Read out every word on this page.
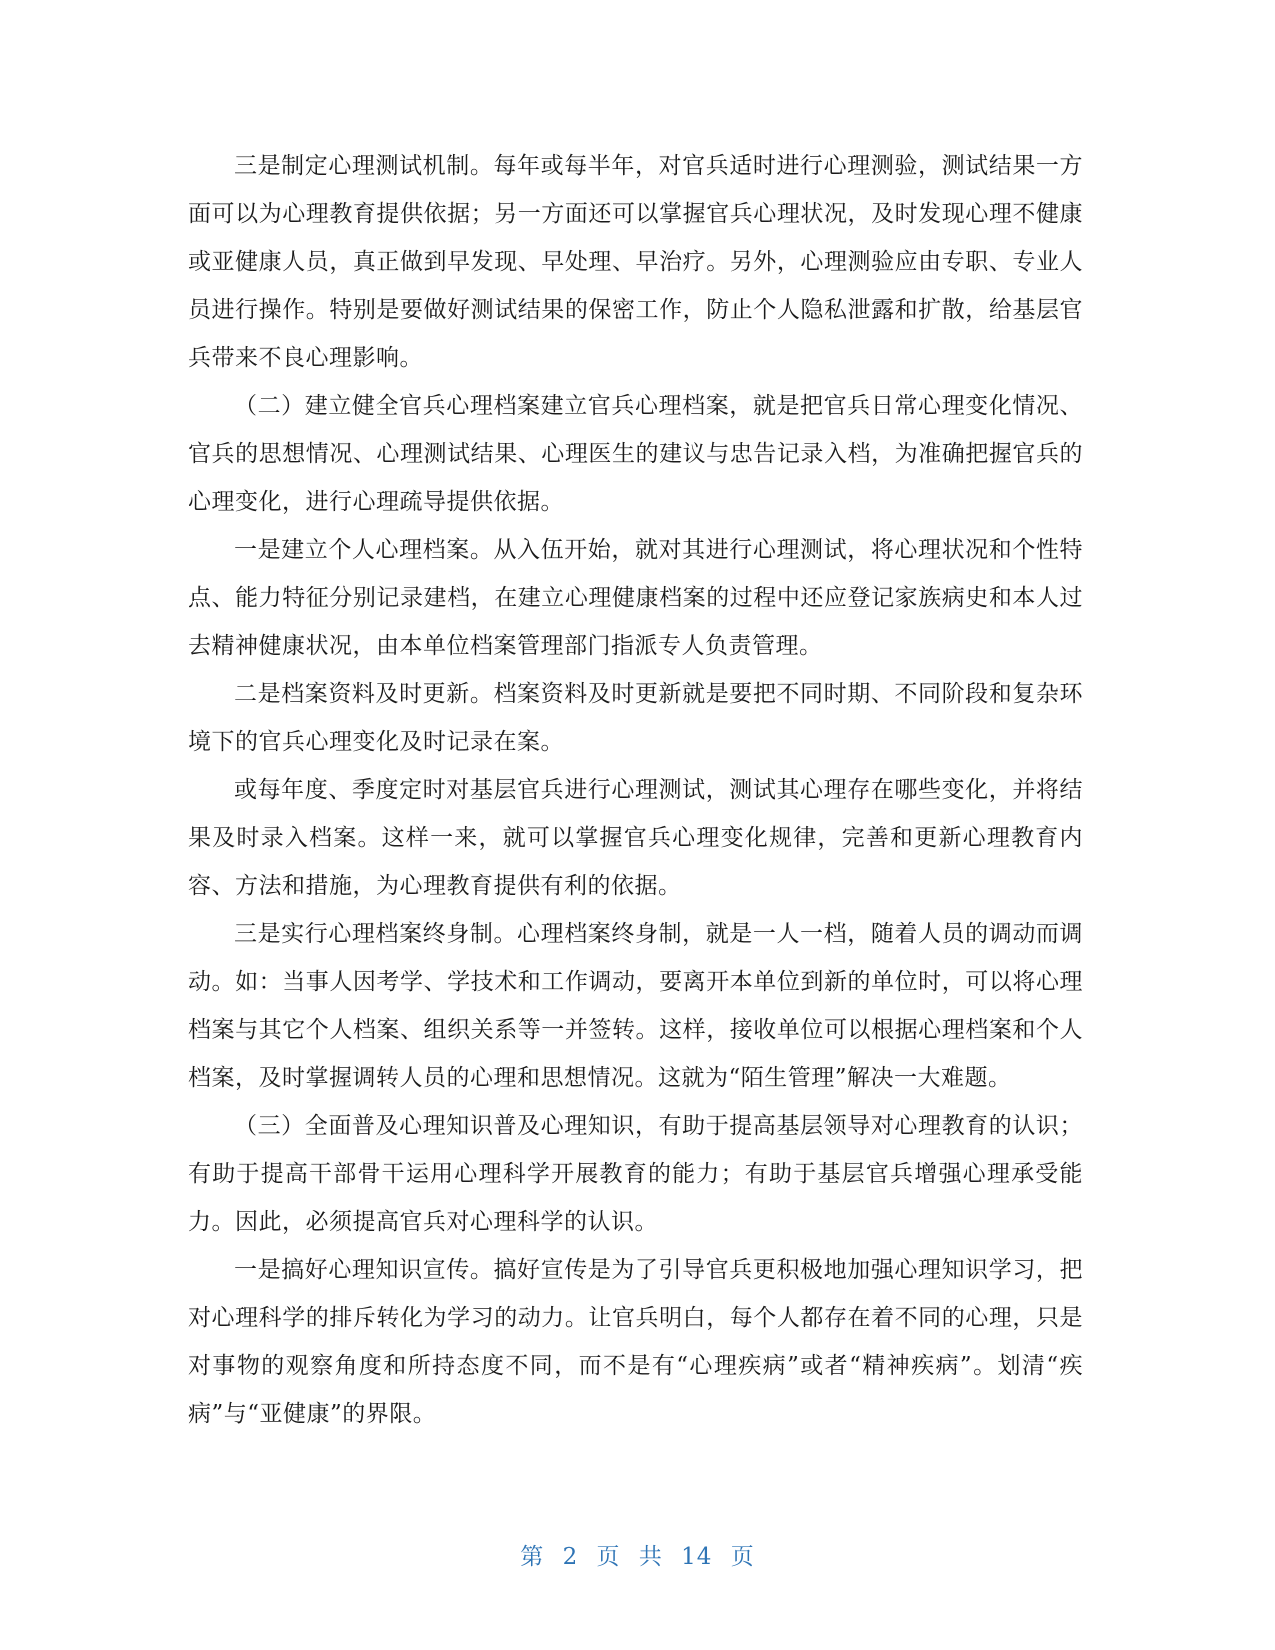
三是制定心理测试机制。每年或每半年，对官兵适时进行心理测验，测试结果一方面可以为心理教育提供依据；另一方面还可以掌握官兵心理状况，及时发现心理不健康或亚健康人员，真正做到早发现、早处理、早治疗。另外，心理测验应由专职、专业人员进行操作。特别是要做好测试结果的保密工作，防止个人隐私泄露和扩散，给基层官兵带来不良心理影响。

（二）建立健全官兵心理档案建立官兵心理档案，就是把官兵日常心理变化情况、官兵的思想情况、心理测试结果、心理医生的建议与忠告记录入档，为准确把握官兵的心理变化，进行心理疏导提供依据。

一是建立个人心理档案。从入伍开始，就对其进行心理测试，将心理状况和个性特点、能力特征分别记录建档，在建立心理健康档案的过程中还应登记家族病史和本人过去精神健康状况，由本单位档案管理部门指派专人负责管理。

二是档案资料及时更新。档案资料及时更新就是要把不同时期、不同阶段和复杂环境下的官兵心理变化及时记录在案。

或每年度、季度定时对基层官兵进行心理测试，测试其心理存在哪些变化，并将结果及时录入档案。这样一来，就可以掌握官兵心理变化规律，完善和更新心理教育内容、方法和措施，为心理教育提供有利的依据。

三是实行心理档案终身制。心理档案终身制，就是一人一档，随着人员的调动而调动。如：当事人因考学、学技术和工作调动，要离开本单位到新的单位时，可以将心理档案与其它个人档案、组织关系等一并签转。这样，接收单位可以根据心理档案和个人档案，及时掌握调转人员的心理和思想情况。这就为“陌生管理”解决一大难题。

（三）全面普及心理知识普及心理知识，有助于提高基层领导对心理教育的认识；有助于提高干部骨干运用心理科学开展教育的能力；有助于基层官兵增强心理承受能力。因此，必须提高官兵对心理科学的认识。

一是搞好心理知识宣传。搞好宣传是为了引导官兵更积极地加强心理知识学习，把对心理科学的排斥转化为学习的动力。让官兵明白，每个人都存在着不同的心理，只是对事物的观察角度和所持态度不同，而不是有“心理疾病”或者“精神疾病”。划清“疾病”与“亚健康”的界限。

第 2 页 共 14 页
